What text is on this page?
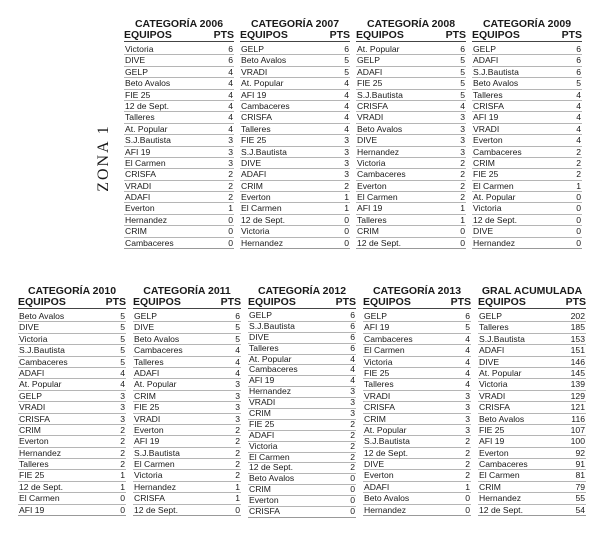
ZONA 1
CATEGORÍA 2006
EQUIPOS	PTS
Victoria	6
DIVE	6
GELP	4
Beto Avalos	4
FIE 25	4
12 de Sept.	4
Talleres	4
At. Popular	4
S.J.Bautista	3
AFI 19	3
El Carmen	3
CRISFA	2
VRADI	2
ADAFI	2
Everton	1
Hernandez	0
CRIM	0
Cambaceres	0
CATEGORÍA 2007
EQUIPOS	PTS
GELP	6
Beto Avalos	5
VRADI	5
At. Popular	4
AFI 19	4
Cambaceres	4
CRISFA	4
Talleres	4
FIE 25	3
S.J.Bautista	3
DIVE	3
ADAFI	3
CRIM	2
Everton	1
El Carmen	1
12 de Sept.	0
Victoria	0
Hernandez	0
CATEGORÍA 2008
EQUIPOS	PTS
At. Popular	6
GELP	5
ADAFI	5
FIE 25	5
S.J.Bautista	5
CRISFA	4
VRADI	3
Beto Avalos	3
DIVE	3
Hernandez	3
Victoria	2
Cambaceres	2
Everton	2
El Carmen	2
AFI 19	1
Talleres	1
CRIM	0
12 de Sept.	0
CATEGORÍA 2009
EQUIPOS	PTS
GELP	6
ADAFI	6
S.J.Bautista	6
Beto Avalos	5
Talleres	4
CRISFA	4
AFI 19	4
VRADI	4
Everton	4
Cambaceres	2
CRIM	2
FIE 25	2
El Carmen	1
At. Popular	0
Victoria	0
12 de Sept.	0
DIVE	0
Hernandez	0
CATEGORÍA 2010
EQUIPOS	PTS
Beto Avalos	5
DIVE	5
Victoria	5
S.J.Bautista	5
Cambaceres	5
ADAFI	4
At. Popular	4
GELP	3
VRADI	3
CRISFA	3
CRIM	2
Everton	2
Hernandez	2
Talleres	2
FIE 25	1
12 de Sept.	1
El Carmen	0
AFI 19	0
CATEGORÍA 2011
EQUIPOS	PTS
GELP	6
DIVE	5
Beto Avalos	5
Cambaceres	4
Talleres	4
ADAFI	4
At. Popular	3
CRIM	3
FIE 25	3
VRADI	3
Everton	2
AFI 19	2
S.J.Bautista	2
El Carmen	2
Victoria	2
Hernandez	1
CRISFA	1
12 de Sept.	0
CATEGORÍA 2012
EQUIPOS	PTS
GELP	6
S.J.Bautista	6
DIVE	6
Talleres	6
At. Popular	4
Cambaceres	4
AFI 19	4
Hernandez	3
VRADI	3
CRIM	3
FIE 25	2
ADAFI	2
Victoria	2
El Carmen	2
12 de Sept.	2
Beto Avalos	0
CRIM	0
Everton	0
CRISFA	0
CATEGORÍA 2013
EQUIPOS	PTS
GELP	6
AFI 19	5
Cambaceres	4
El Carmen	4
Victoria	4
FIE 25	4
Talleres	4
VRADI	3
CRISFA	3
CRIM	3
At. Popular	3
S.J.Bautista	2
12 de Sept.	2
DIVE	2
Everton	2
ADAFI	1
Beto Avalos	0
Hernandez	0
GRAL ACUMULADA
EQUIPOS	PTS
GELP	202
Talleres	185
S.J.Bautista	153
ADAFI	151
DIVE	146
At. Popular	145
Victoria	139
VRADI	129
CRISFA	121
Beto Avalos	116
FIE 25	107
AFI 19	100
Everton	92
Cambaceres	91
El Carmen	81
CRIM	79
Hernandez	55
12 de Sept.	54
